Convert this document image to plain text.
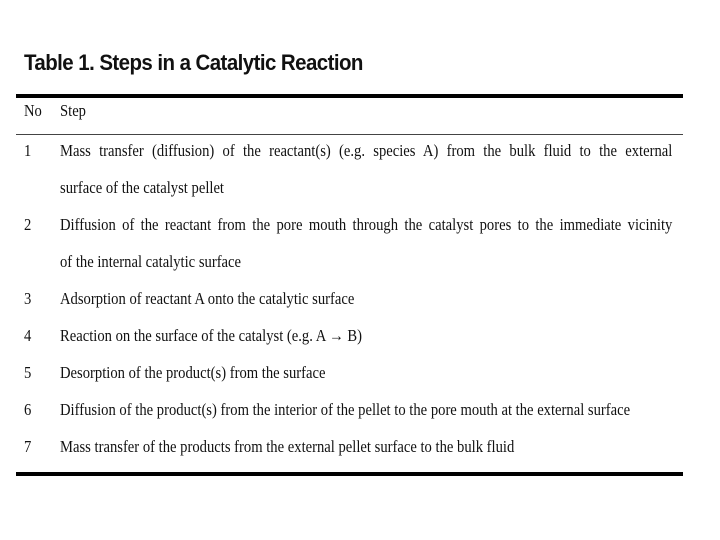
Table 1. Steps in a Catalytic Reaction
No Step
1 Mass transfer (diffusion) of the reactant(s) (e.g. species A) from the bulk fluid to the external
surface of the catalyst pellet
2 Diffusion of the reactant from the pore mouth through the catalyst pores to the immediate vicinity
of the internal catalytic surface
3 Adsorption of reactant A onto the catalytic surface
4 Reaction on the surface of the catalyst (e.g. A → B)
5 Desorption of the product(s) from the surface
6 Diffusion of the product(s) from the interior of the pellet to the pore mouth at the external surface
7 Mass transfer of the products from the external pellet surface to the bulk fluid
